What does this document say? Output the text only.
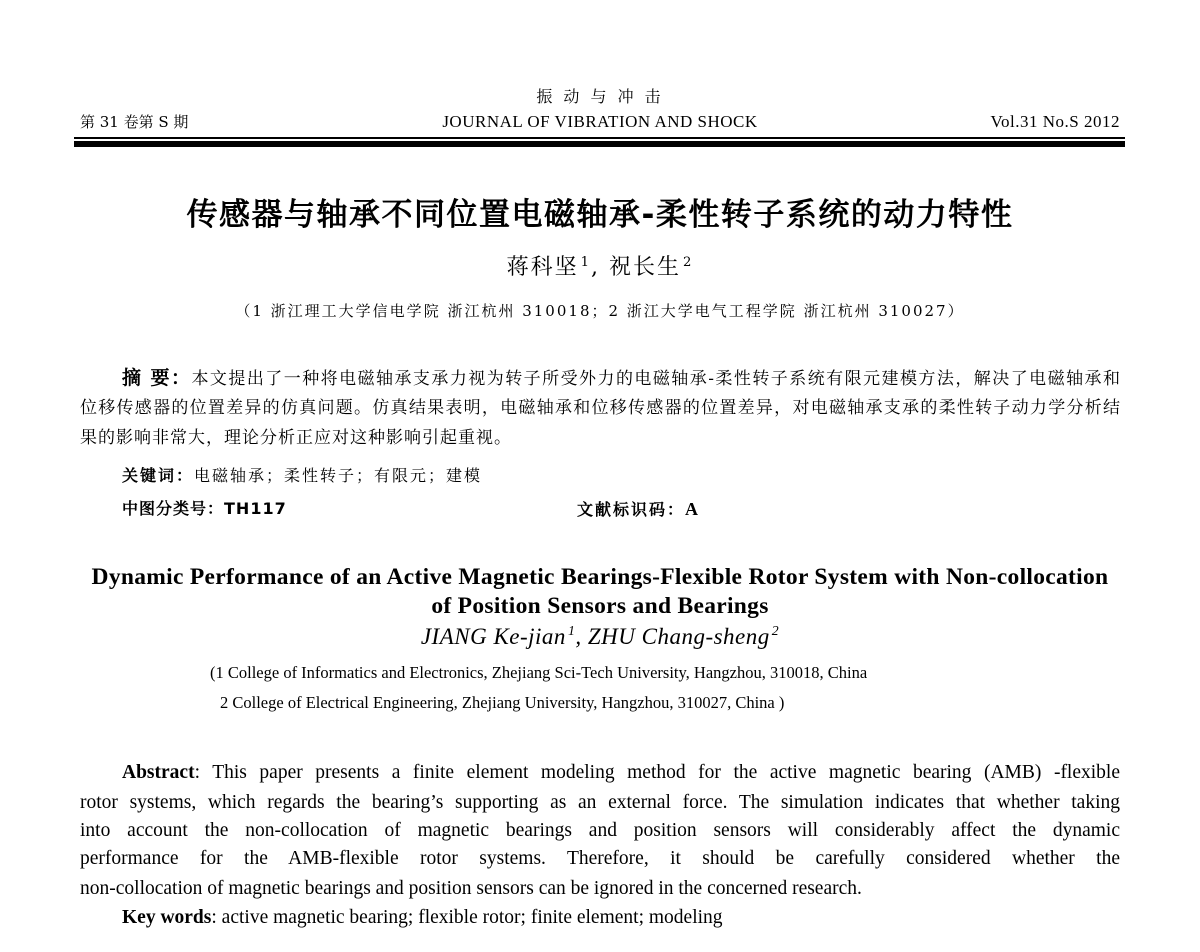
振 动 与 冲 击
第 31 卷第 S 期	JOURNAL OF VIBRATION AND SHOCK	Vol.31 No.S 2012
传感器与轴承不同位置电磁轴承-柔性转子系统的动力特性
蒋科坚 $^1$, 祝长生 $^2$
（1 浙江理工大学信电学院 浙江杭州 310018；2 浙江大学电气工程学院 浙江杭州 310027）
摘 要：本文提出了一种将电磁轴承支承力视为转子所受外力的电磁轴承-柔性转子系统有限元建模方法，解决了电磁轴承和
位移传感器的位置差异的仿真问题。仿真结果表明，电磁轴承和位移传感器的位置差异，对电磁轴承支承的柔性转子动力学分析结
果的影响非常大，理论分析正应对这种影响引起重视。
关键词：电磁轴承；柔性转子；有限元；建模
中图分类号：TH117	文献标识码：A
Dynamic Performance of an Active Magnetic Bearings-Flexible Rotor System with Non-collocation
of Position Sensors and Bearings
JIANG Ke-jian $^1$, ZHU Chang-sheng $^2$
(1 College of Informatics and Electronics, Zhejiang Sci-Tech University, Hangzhou, 310018, China
2 College of Electrical Engineering, Zhejiang University, Hangzhou, 310027, China )
Abstract: This paper presents a finite element modeling method for the active magnetic bearing (AMB) -flexible
rotor systems, which regards the bearing’s supporting as an external force. The simulation indicates that whether taking
into account the non-collocation of magnetic bearings and position sensors will considerably affect the dynamic
performance for the AMB-flexible rotor systems. Therefore, it should be carefully considered whether the
non-collocation of magnetic bearings and position sensors can be ignored in the concerned research.
Key words: active magnetic bearing; flexible rotor; finite element; modeling
